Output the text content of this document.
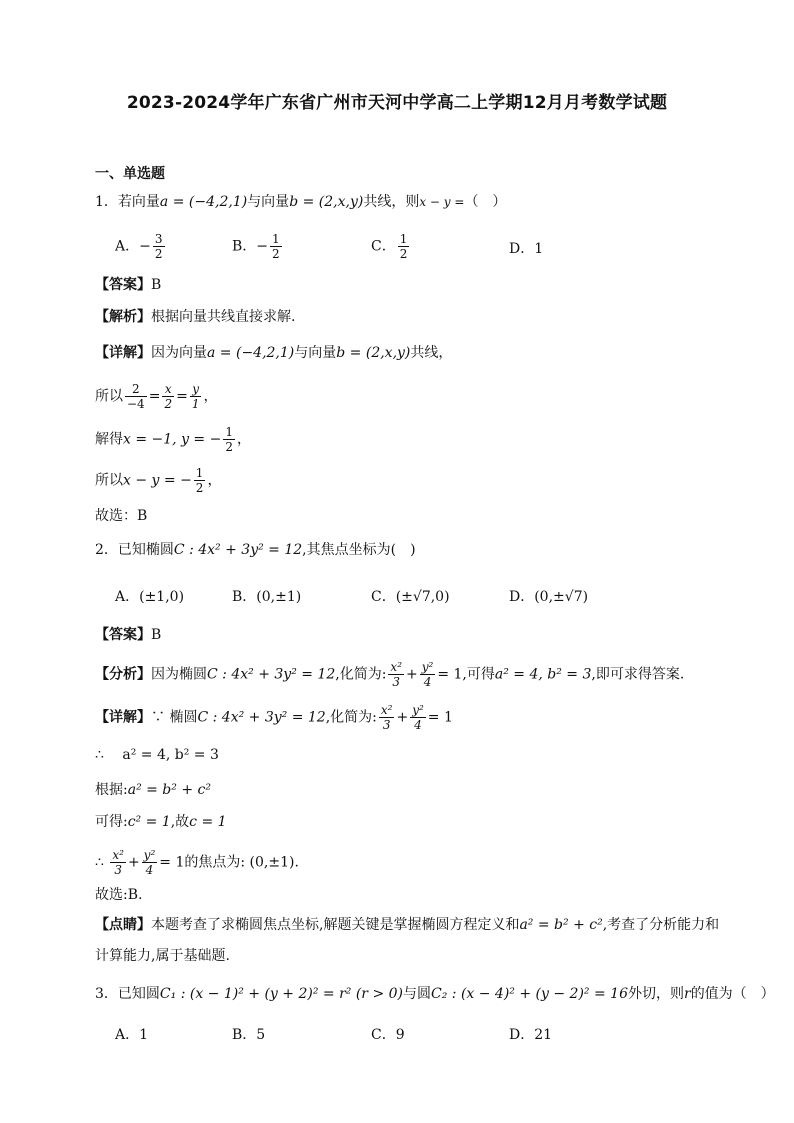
2023-2024学年广东省广州市天河中学高二上学期12月月考数学试题
一、单选题
1．若向量a = (−4,2,1)与向量b = (2,x,y)共线，则x − y =（　）
A．− $\frac{3}{2}$	B．− $\frac{1}{2}$	C． $\frac{1}{2}$	D．1
【答案】B
【解析】根据向量共线直接求解.
【详解】因为向量a = (−4,2,1)与向量b = (2,x,y)共线，
所以 $\frac{2}{-4} = \frac{x}{2} = \frac{y}{1}$ ，
解得x = −1, y = − $\frac{1}{2}$ ，
所以x − y = − $\frac{1}{2}$ ，
故选：B
2．已知椭圆C : 4x² + 3y² = 12,其焦点坐标为(　)
A．(±1,0)	B．(0,±1)	C．(±√7,0)	D．(0,±√7)
【答案】B
【分析】因为椭圆C : 4x² + 3y² = 12,化简为: $\frac{\text{x²}}{3} + \frac{\text{y²}}{4} = 1$,可得a² = 4, b² = 3,即可求得答案.
【详解】∵ 椭圆C : 4x² + 3y² = 12,化简为: $\frac{\text{x²}}{3} + \frac{\text{y²}}{4} = 1$
∴ 　a² = 4, b² = 3
根据:a² = b² + c²
可得:c² = 1,故c = 1
∴ $\frac{\text{x²}}{3} + \frac{\text{y²}}{4} = 1$的焦点为: (0,±1).
故选:B.
【点睛】本题考查了求椭圆焦点坐标,解题关键是掌握椭圆方程定义和a² = b² + c²,考查了分析能力和
计算能力,属于基础题.
3．已知圆C₁ : (x − 1)² + (y + 2)² = r² (r > 0)与圆C₂ : (x − 4)² + (y − 2)² = 16外切，则r的值为（　）
A．1	B．5	C．9	D．21
